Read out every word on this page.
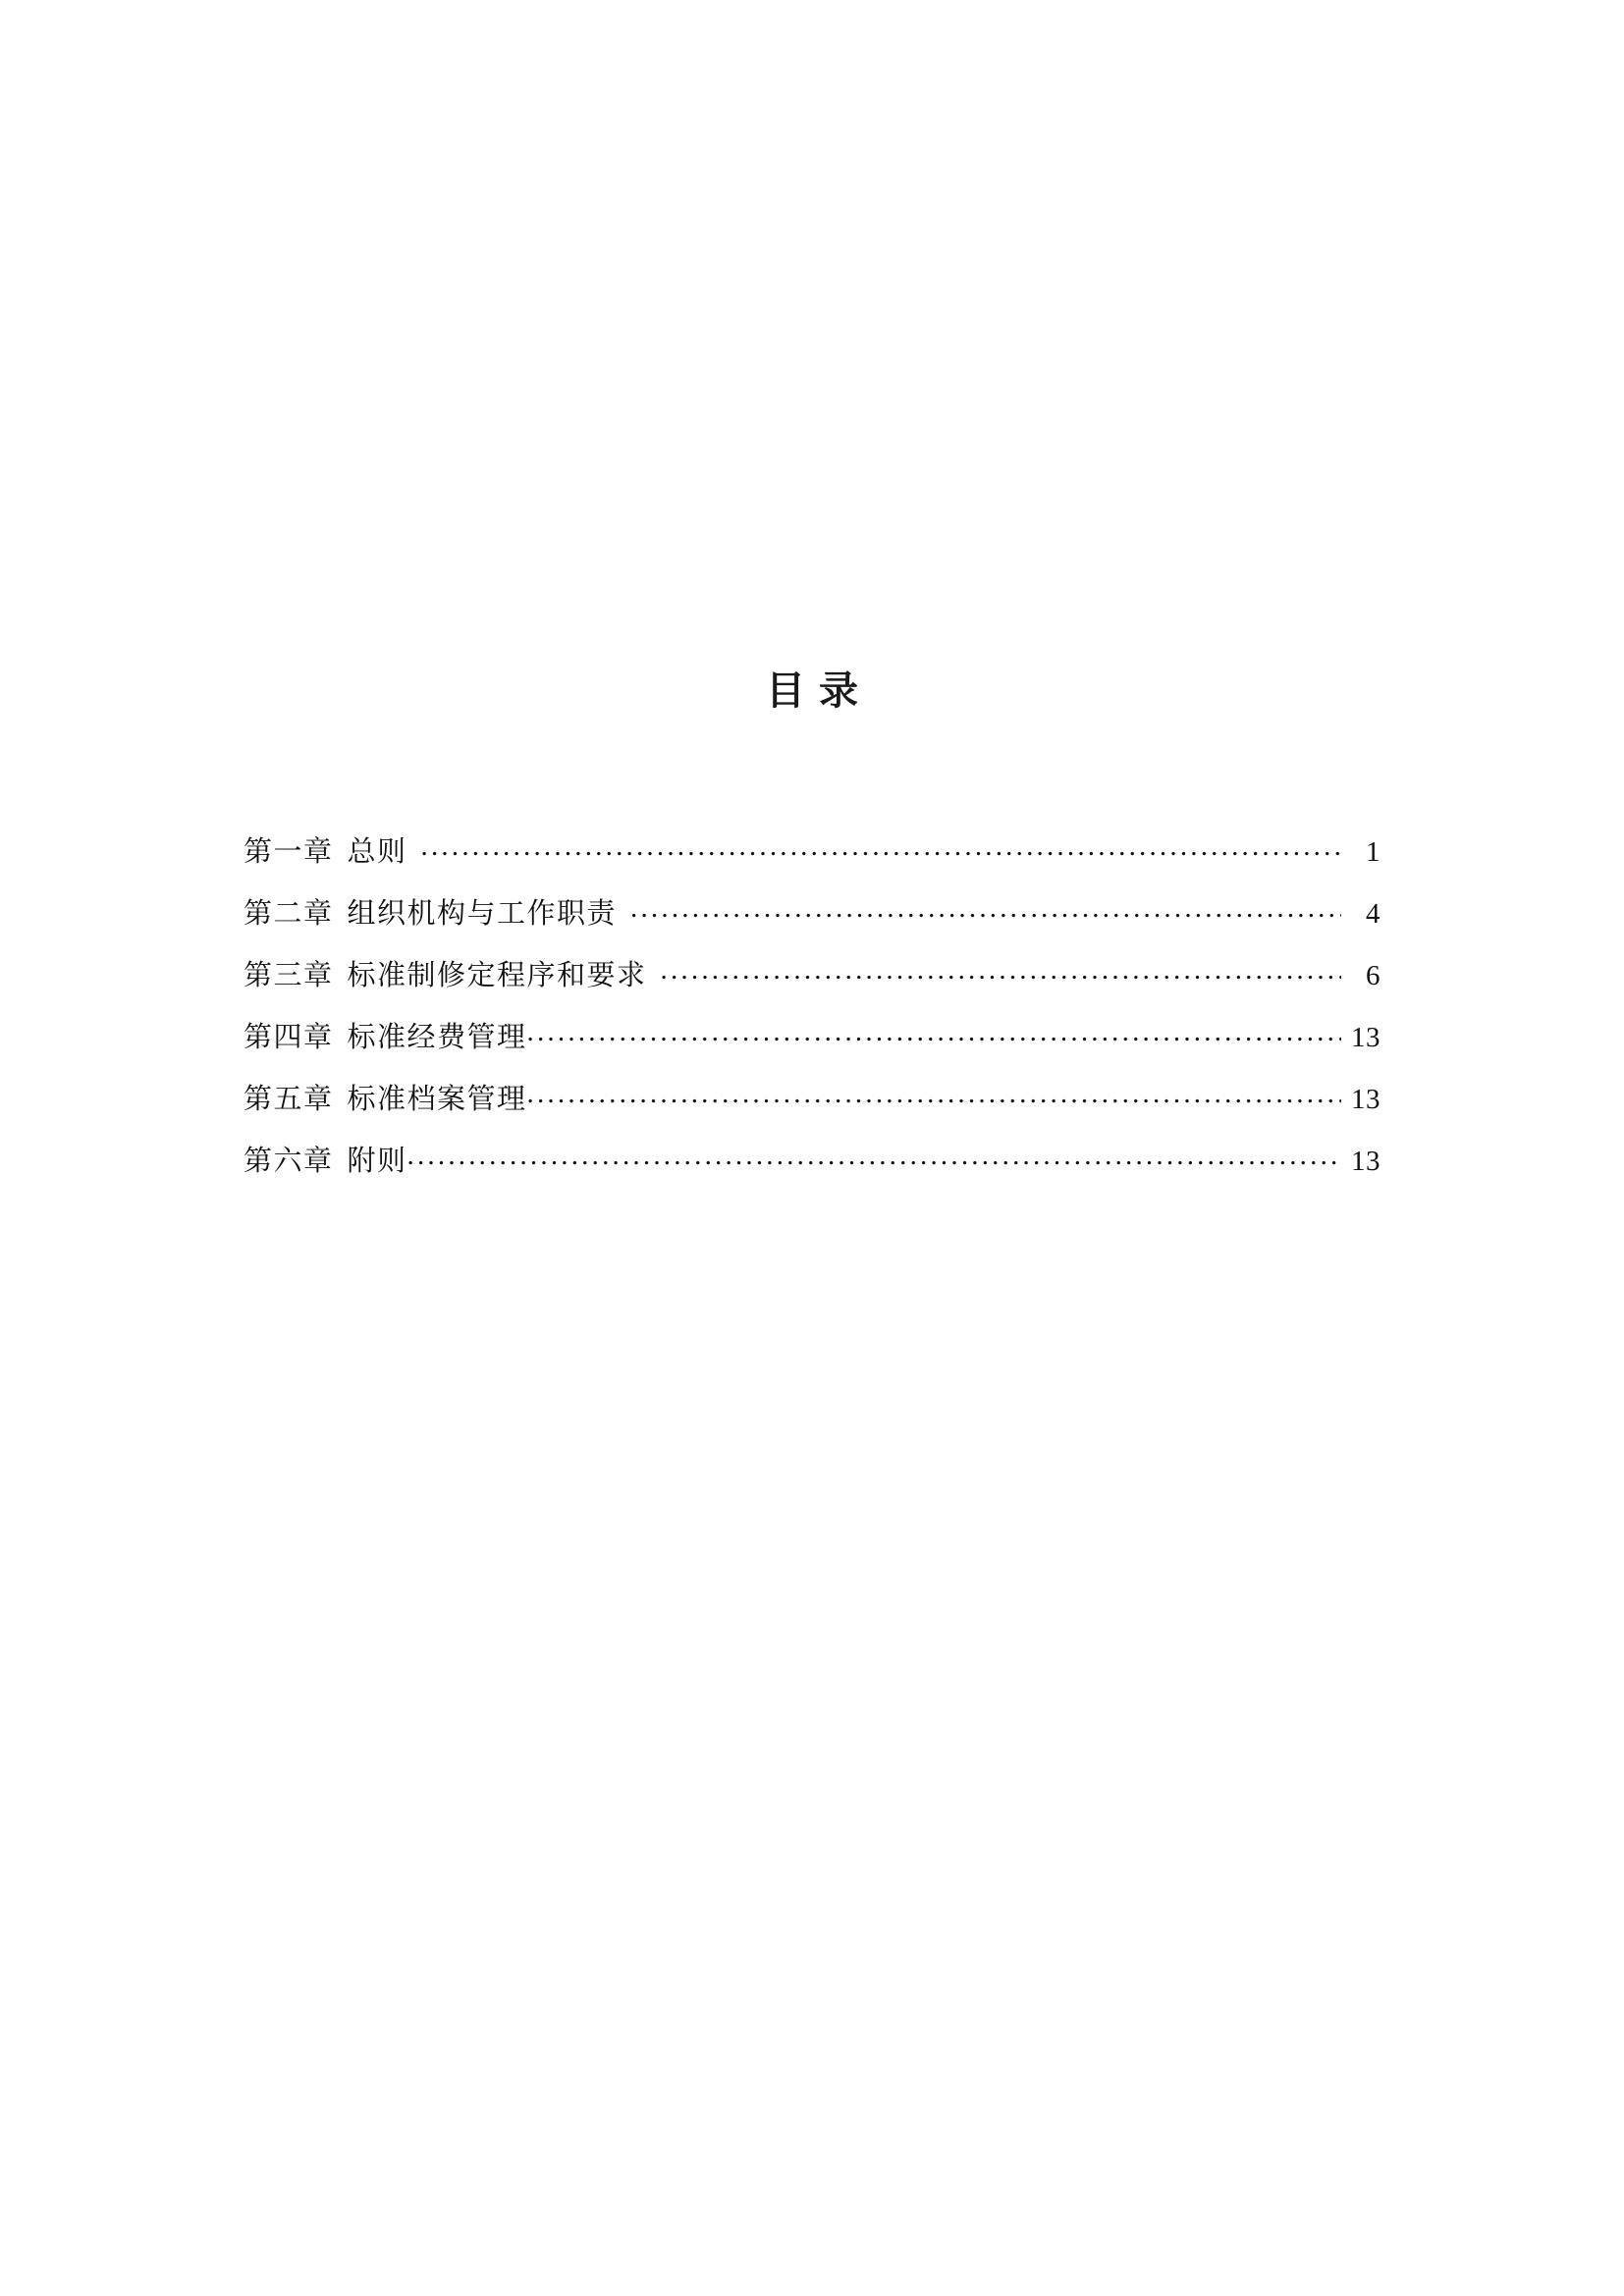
目录
第一章 总则 .....	1
第二章 组织机构与工作职责 .....	4
第三章 标准制修定程序和要求 .....	6
第四章 标准经费管理 .....	13
第五章 标准档案管理 .....	13
第六章 附则 .....	13
